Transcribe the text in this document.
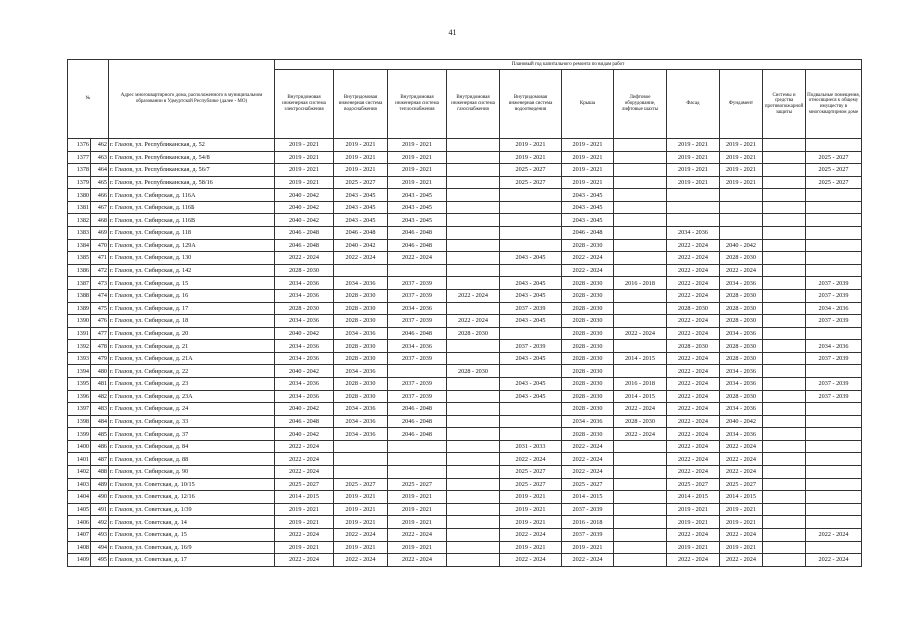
41
№		Адрес многоквартирного дома, расположенного в муниципальном образовании в Удмуртской Республике (далее - МО)	Плановый год капитального ремонта по видам работ										
			Внутридомовая инженерная система электроснабжения	Внутридомовая инженерная система водоснабжения	Внутридомовая инженерная система теплоснабжения	Внутридомовая инженерная система газоснабжения	Внутридомовая инженерная система водоотведения	Крыша	Лифтовое оборудование, лифтовые шахты	Фасад	Фундамент	Системы и средства противопожарной защиты	Подвальные помещения, относящиеся к общему имуществу в многоквартирном доме
1376	462	г. Глазов, ул. Республиканская, д. 52	2019 - 2021	2019 - 2021	2019 - 2021		2019 - 2021	2019 - 2021		2019 - 2021	2019 - 2021		
1377	463	г. Глазов, ул. Республиканская, д. 54/8	2019 - 2021	2019 - 2021	2019 - 2021		2019 - 2021	2019 - 2021		2019 - 2021	2019 - 2021		2025 - 2027
1378	464	г. Глазов, ул. Республиканская, д. 56/7	2019 - 2021	2019 - 2021	2019 - 2021		2025 - 2027	2019 - 2021		2019 - 2021	2019 - 2021		2025 - 2027
1379	465	г. Глазов, ул. Республиканская, д. 58/16	2019 - 2021	2025 - 2027	2019 - 2021		2025 - 2027	2019 - 2021		2019 - 2021	2019 - 2021		2025 - 2027
1380	466	г. Глазов, ул. Сибирская, д. 116А	2040 - 2042	2043 - 2045	2043 - 2045			2043 - 2045					
1381	467	г. Глазов, ул. Сибирская, д. 116Б	2040 - 2042	2043 - 2045	2043 - 2045			2043 - 2045					
1382	468	г. Глазов, ул. Сибирская, д. 116В	2040 - 2042	2043 - 2045	2043 - 2045			2043 - 2045					
1383	469	г. Глазов, ул. Сибирская, д. 118	2046 - 2048	2046 - 2048	2046 - 2048			2046 - 2048		2034 - 2036			
1384	470	г. Глазов, ул. Сибирская, д. 129А	2046 - 2048	2040 - 2042	2046 - 2048			2028 - 2030		2022 - 2024	2040 - 2042		
1385	471	г. Глазов, ул. Сибирская, д. 130	2022 - 2024	2022 - 2024	2022 - 2024		2043 - 2045	2022 - 2024		2022 - 2024	2028 - 2030		
1386	472	г. Глазов, ул. Сибирская, д. 142	2028 - 2030					2022 - 2024		2022 - 2024	2022 - 2024		
1387	473	г. Глазов, ул. Сибирская, д. 15	2034 - 2036	2034 - 2036	2037 - 2039		2043 - 2045	2028 - 2030	2016 - 2018	2022 - 2024	2034 - 2036		2037 - 2039
1388	474	г. Глазов, ул. Сибирская, д. 16	2034 - 2036	2028 - 2030	2037 - 2039	2022 - 2024	2043 - 2045	2028 - 2030		2022 - 2024	2028 - 2030		2037 - 2039
1389	475	г. Глазов, ул. Сибирская, д. 17	2028 - 2030	2028 - 2030	2034 - 2036		2037 - 2039	2028 - 2030		2028 - 2030	2028 - 2030		2034 - 2036
1390	476	г. Глазов, ул. Сибирская, д. 18	2034 - 2036	2028 - 2030	2037 - 2039	2022 - 2024	2043 - 2045	2028 - 2030		2022 - 2024	2028 - 2030		2037 - 2039
1391	477	г. Глазов, ул. Сибирская, д. 20	2040 - 2042	2034 - 2036	2046 - 2048	2028 - 2030		2028 - 2030	2022 - 2024	2022 - 2024	2034 - 2036		
1392	478	г. Глазов, ул. Сибирская, д. 21	2034 - 2036	2028 - 2030	2034 - 2036		2037 - 2039	2028 - 2030		2028 - 2030	2028 - 2030		2034 - 2036
1393	479	г. Глазов, ул. Сибирская, д. 21А	2034 - 2036	2028 - 2030	2037 - 2039		2043 - 2045	2028 - 2030	2014 - 2015	2022 - 2024	2028 - 2030		2037 - 2039
1394	480	г. Глазов, ул. Сибирская, д. 22	2040 - 2042	2034 - 2036		2028 - 2030		2028 - 2030		2022 - 2024	2034 - 2036		
1395	481	г. Глазов, ул. Сибирская, д. 23	2034 - 2036	2028 - 2030	2037 - 2039		2043 - 2045	2028 - 2030	2016 - 2018	2022 - 2024	2034 - 2036		2037 - 2039
1396	482	г. Глазов, ул. Сибирская, д. 23А	2034 - 2036	2028 - 2030	2037 - 2039		2043 - 2045	2028 - 2030	2014 - 2015	2022 - 2024	2028 - 2030		2037 - 2039
1397	483	г. Глазов, ул. Сибирская, д. 24	2040 - 2042	2034 - 2036	2046 - 2048			2028 - 2030	2022 - 2024	2022 - 2024	2034 - 2036		
1398	484	г. Глазов, ул. Сибирская, д. 33	2046 - 2048	2034 - 2036	2046 - 2048			2034 - 2036	2028 - 2030	2022 - 2024	2040 - 2042		
1399	485	г. Глазов, ул. Сибирская, д. 37	2040 - 2042	2034 - 2036	2046 - 2048			2028 - 2030	2022 - 2024	2022 - 2024	2034 - 2036		
1400	486	г. Глазов, ул. Сибирская, д. 84	2022 - 2024				2031 - 2033	2022 - 2024		2022 - 2024	2022 - 2024		
1401	487	г. Глазов, ул. Сибирская, д. 88	2022 - 2024				2022 - 2024	2022 - 2024		2022 - 2024	2022 - 2024		
1402	488	г. Глазов, ул. Сибирская, д. 90	2022 - 2024				2025 - 2027	2022 - 2024		2022 - 2024	2022 - 2024		
1403	489	г. Глазов, ул. Советская, д. 10/15	2025 - 2027	2025 - 2027	2025 - 2027		2025 - 2027	2025 - 2027		2025 - 2027	2025 - 2027		
1404	490	г. Глазов, ул. Советская, д. 12/16	2014 - 2015	2019 - 2021	2019 - 2021		2019 - 2021	2014 - 2015		2014 - 2015	2014 - 2015		
1405	491	г. Глазов, ул. Советская, д. 1/39	2019 - 2021	2019 - 2021	2019 - 2021		2019 - 2021	2037 - 2039		2019 - 2021	2019 - 2021		
1406	492	г. Глазов, ул. Советская, д. 14	2019 - 2021	2019 - 2021	2019 - 2021		2019 - 2021	2016 - 2018		2019 - 2021	2019 - 2021		
1407	493	г. Глазов, ул. Советская, д. 15	2022 - 2024	2022 - 2024	2022 - 2024		2022 - 2024	2037 - 2039		2022 - 2024	2022 - 2024		2022 - 2024
1408	494	г. Глазов, ул. Советская, д. 16/9	2019 - 2021	2019 - 2021	2019 - 2021		2019 - 2021	2019 - 2021		2019 - 2021	2019 - 2021		
1409	495	г. Глазов, ул. Советская, д. 17	2022 - 2024	2022 - 2024	2022 - 2024		2022 - 2024	2022 - 2024		2022 - 2024	2022 - 2024		2022 - 2024
